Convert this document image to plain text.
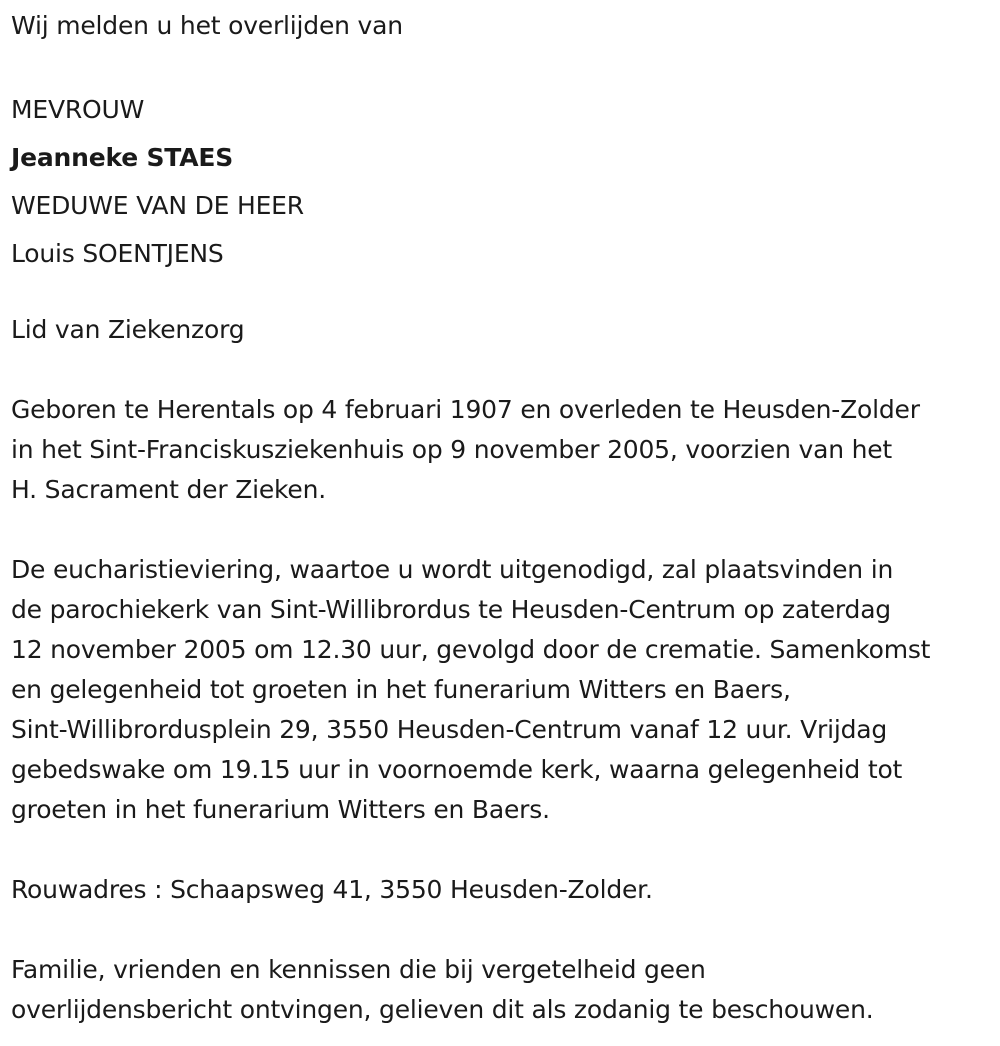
Wij melden u het overlijden van
MEVROUW
Jeanneke STAES
WEDUWE VAN DE HEER
Louis SOENTJENS
Lid van Ziekenzorg
Geboren te Herentals op 4 februari 1907 en overleden te Heusden-Zolder
in het Sint-Franciskusziekenhuis op 9 november 2005, voorzien van het
H. Sacrament der Zieken.
De eucharistieviering, waartoe u wordt uitgenodigd, zal plaatsvinden in
de parochiekerk van Sint-Willibrordus te Heusden-Centrum op zaterdag
12 november 2005 om 12.30 uur, gevolgd door de crematie. Samenkomst
en gelegenheid tot groeten in het funerarium Witters en Baers,
Sint-Willibrordusplein 29, 3550 Heusden-Centrum vanaf 12 uur. Vrijdag
gebedswake om 19.15 uur in voornoemde kerk, waarna gelegenheid tot
groeten in het funerarium Witters en Baers.
Rouwadres : Schaapsweg 41, 3550 Heusden-Zolder.
Familie, vrienden en kennissen die bij vergetelheid geen
overlijdensbericht ontvingen, gelieven dit als zodanig te beschouwen.
